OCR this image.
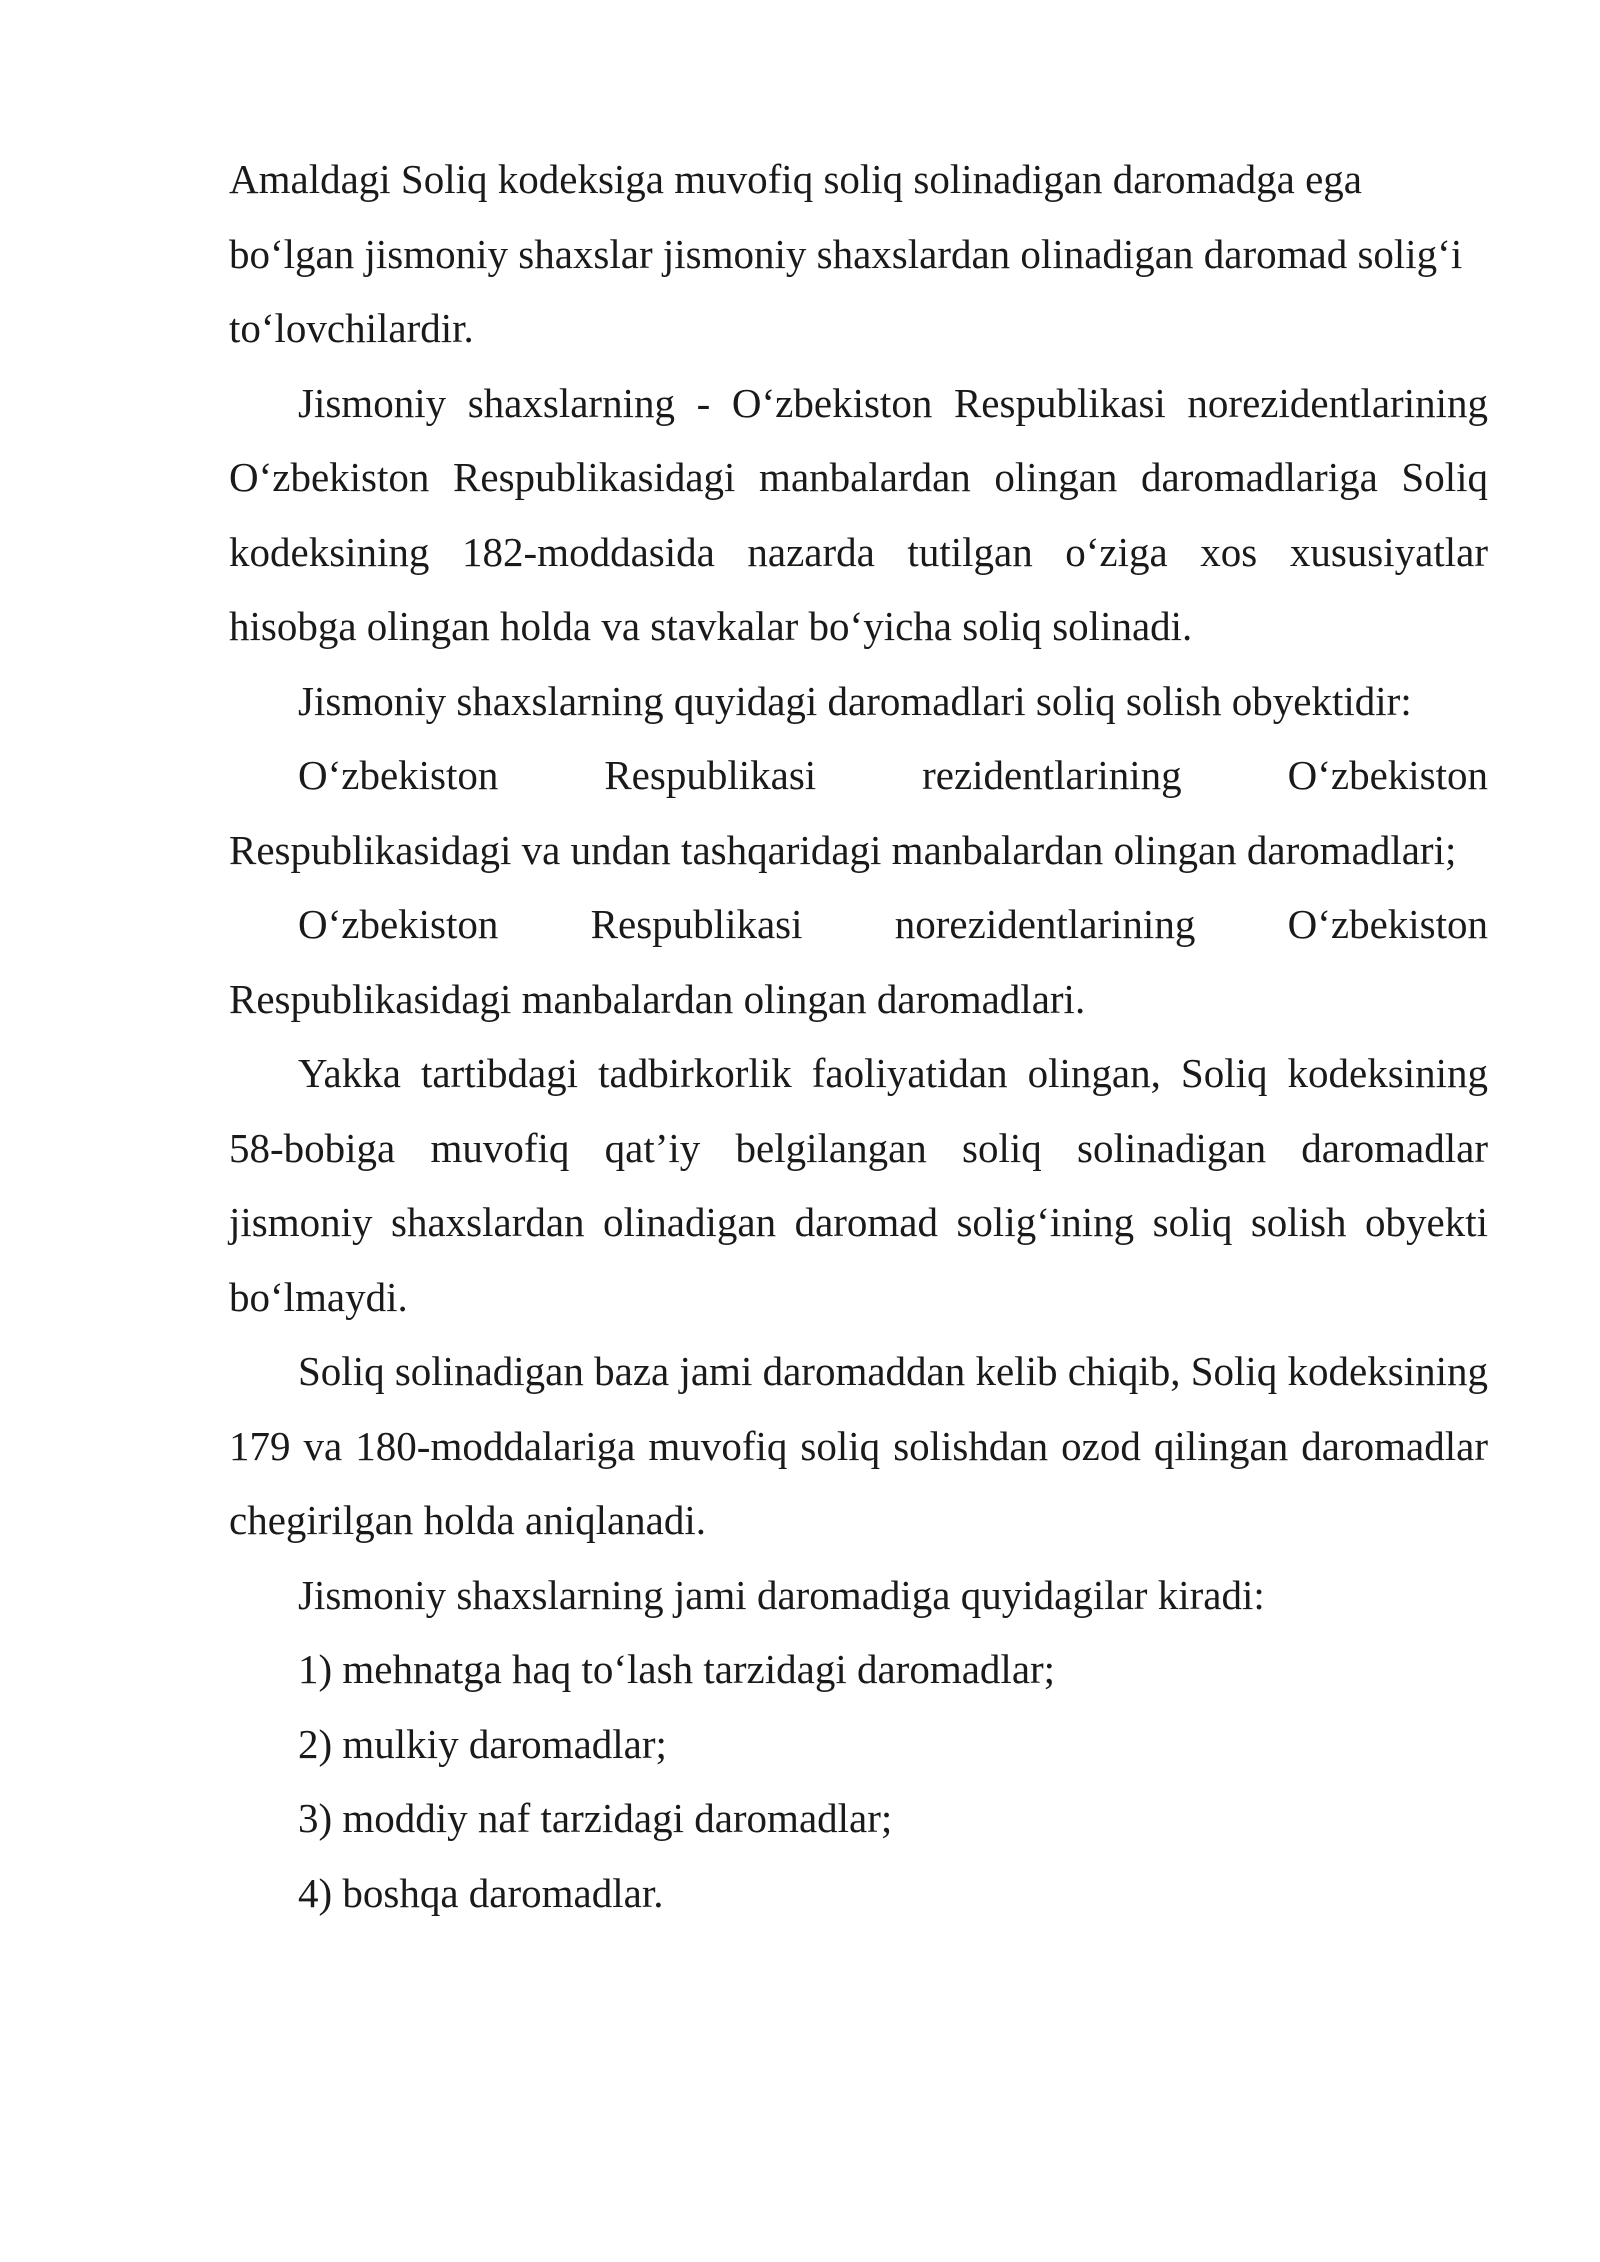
Amaldagi Soliq kodeksiga muvofiq soliq solinadigan daromadga ega bo‘lgan jismoniy shaxslar jismoniy shaxslardan olinadigan daromad solig‘i to‘lovchilardir.

Jismoniy shaxslarning - O‘zbekiston Respublikasi norezidentlarining O‘zbekiston Respublikasidagi manbalardan olingan daromadlariga Soliq kodeksining 182-moddasida nazarda tutilgan o‘ziga xos xususiyatlar hisobga olingan holda va stavkalar bo‘yicha soliq solinadi.

Jismoniy shaxslarning quyidagi daromadlari soliq solish obyektidir:

O‘zbekiston Respublikasi rezidentlarining O‘zbekiston Respublikasidagi va undan tashqaridagi manbalardan olingan daromadlari;

O‘zbekiston Respublikasi norezidentlarining O‘zbekiston Respublikasidagi manbalardan olingan daromadlari.

Yakka tartibdagi tadbirkorlik faoliyatidan olingan, Soliq kodeksining 58-bobiga muvofiq qat’iy belgilangan soliq solinadigan daromadlar jismoniy shaxslardan olinadigan daromad solig‘ining soliq solish obyekti bo‘lmaydi.

Soliq solinadigan baza jami daromaddan kelib chiqib, Soliq kodeksining 179 va 180-moddalariga muvofiq soliq solishdan ozod qilingan daromadlar chegirilgan holda aniqlanadi.

Jismoniy shaxslarning jami daromadiga quyidagilar kiradi:

1) mehnatga haq to‘lash tarzidagi daromadlar;

2) mulkiy daromadlar;

3) moddiy naf tarzidagi daromadlar;

4) boshqa daromadlar.
